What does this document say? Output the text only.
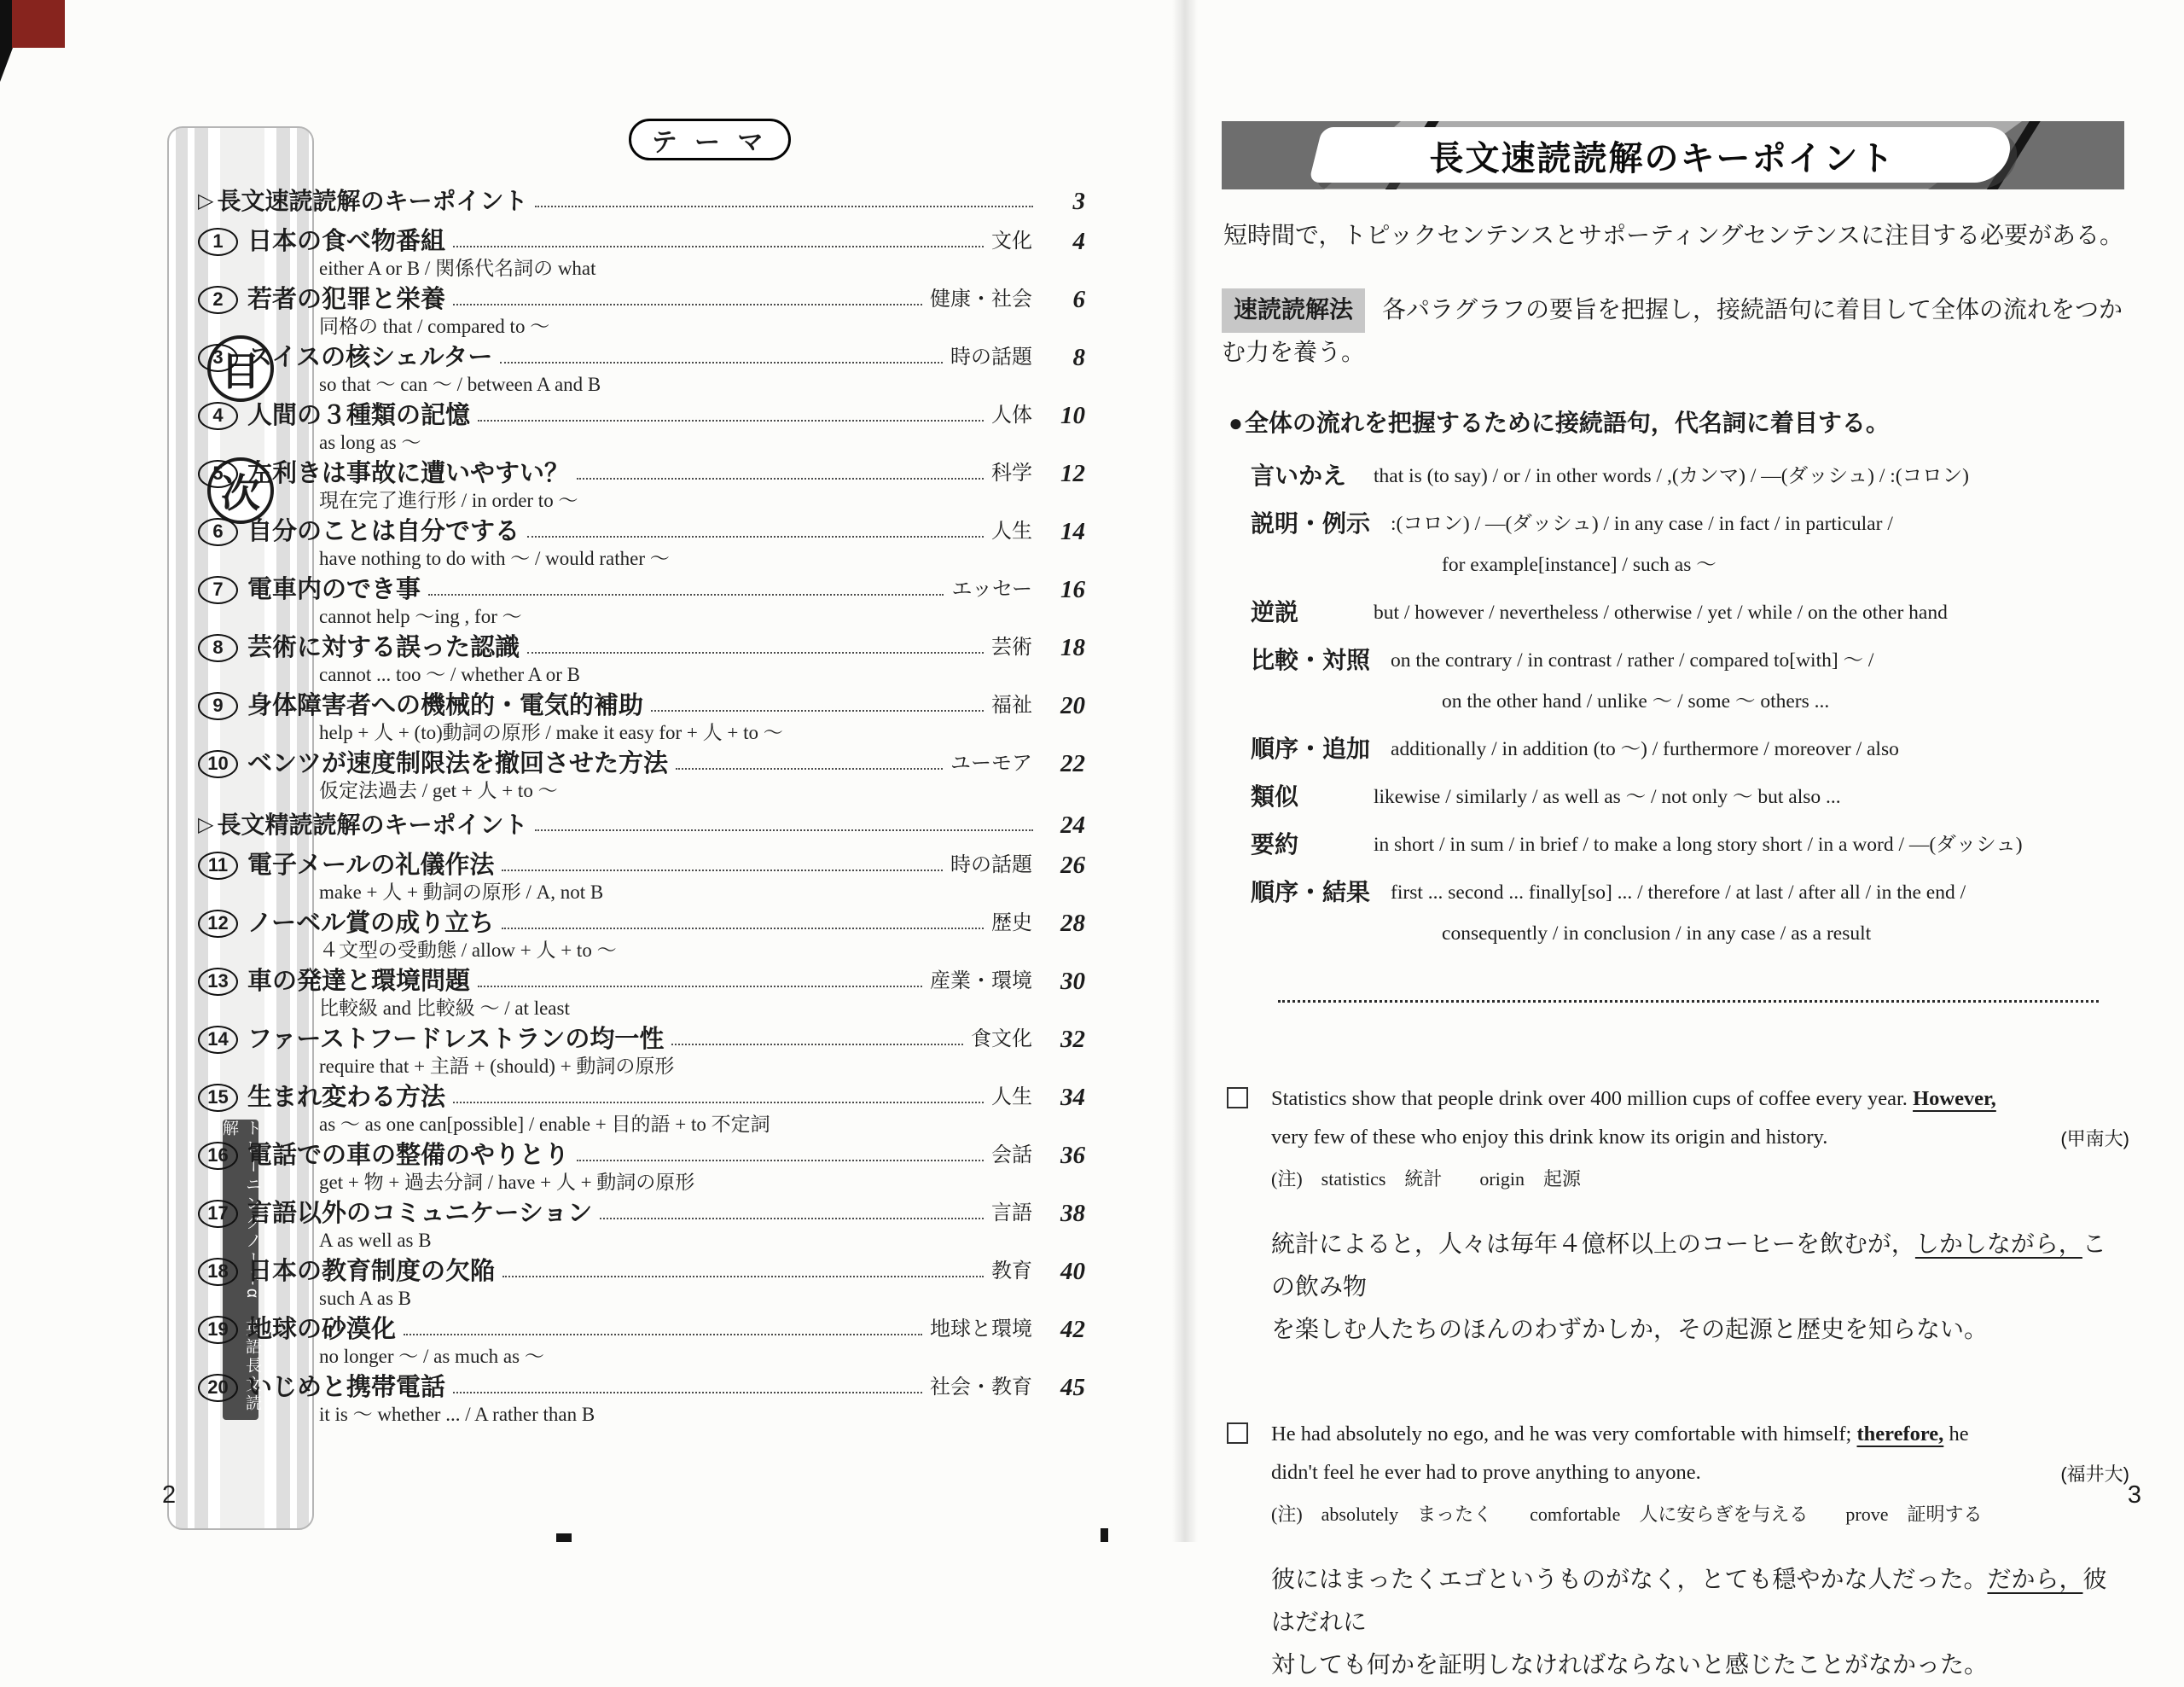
目
次
トレーニングノートα　英語長文読解
テ ー マ
▷ 長文速読読解のキーポイント	3
1 日本の食べ物番組	文化	4
either A or B / 関係代名詞の what
2 若者の犯罪と栄養	健康・社会	6
同格の that / compared to ～
3 スイスの核シェルター	時の話題	8
so that ～ can ～ / between A and B
4 人間の３種類の記憶	人体	10
as long as ～
5 左利きは事故に遭いやすい？	科学	12
現在完了進行形 / in order to ～
6 自分のことは自分でする	人生	14
have nothing to do with ～ / would rather ～
7 電車内のでき事	エッセー	16
cannot help ～ing , for ～
8 芸術に対する誤った認識	芸術	18
cannot ... too ～ / whether A or B
9 身体障害者への機械的・電気的補助	福祉	20
help + 人 + (to)動詞の原形 / make it easy for + 人 + to ～
10 ベンツが速度制限法を撤回させた方法	ユーモア	22
仮定法過去 / get + 人 + to ～
▷ 長文精読読解のキーポイント	24
11 電子メールの礼儀作法	時の話題	26
make + 人 + 動詞の原形 / A, not B
12 ノーベル賞の成り立ち	歴史	28
４文型の受動態 / allow + 人 + to ～
13 車の発達と環境問題	産業・環境	30
比較級 and 比較級 ～ / at least
14 ファーストフードレストランの均一性	食文化	32
require that + 主語 + (should) + 動詞の原形
15 生まれ変わる方法	人生	34
as ～ as one can[possible] / enable + 目的語 + to 不定詞
16 電話での車の整備のやりとり	会話	36
get + 物 + 過去分詞 / have + 人 + 動詞の原形
17 言語以外のコミュニケーション	言語	38
A as well as B
18 日本の教育制度の欠陥	教育	40
such A as B
19 地球の砂漠化	地球と環境	42
no longer ～ / as much as ～
20 いじめと携帯電話	社会・教育	45
it is ～ whether ... / A rather than B
2
長文速読読解のキーポイント

短時間で，トピックセンテンスとサポーティングセンテンスに注目する必要がある。

速読読解法 各パラグラフの要旨を把握し，接続語句に着目して全体の流れをつかむ力を養う。

●全体の流れを把握するために接続語句，代名詞に着目する。
言いかえ	that is (to say) / or / in other words / ,(カンマ) / ―(ダッシュ) / :(コロン)
説明・例示 :(コロン) / ―(ダッシュ) / in any case / in fact / in particular /
for example[instance] / such as ～
逆説	but / however / nevertheless / otherwise / yet / while / on the other hand
比較・対照 on the contrary / in contrast / rather / compared to[with] ～ /
on the other hand / unlike ～ / some ～ others ...
順序・追加 additionally / in addition (to ～) / furthermore / moreover / also
類似	likewise / similarly / as well as ～ / not only ～ but also ...
要約	in short / in sum / in brief / to make a long story short / in a word / ―(ダッシュ)
順序・結果 first ... second ... finally[so] ... / therefore / at last / after all / in the end /
consequently / in conclusion / in any case / as a result
Statistics show that people drink over 400 million cups of coffee every year. However,
very few of these who enjoy this drink know its origin and history.	(甲南大)
(注)　statistics　統計　　origin　起源
統計によると，人々は毎年４億杯以上のコーヒーを飲むが，しかしながら，この飲み物
を楽しむ人たちのほんのわずかしか，その起源と歴史を知らない。
He had absolutely no ego, and he was very comfortable with himself; therefore, he
didn't feel he ever had to prove anything to anyone.	(福井大)
(注)　absolutely　まったく　　comfortable　人に安らぎを与える　　prove　証明する
彼にはまったくエゴというものがなく，とても穏やかな人だった。だから，彼はだれに
対しても何かを証明しなければならないと感じたことがなかった。
3
